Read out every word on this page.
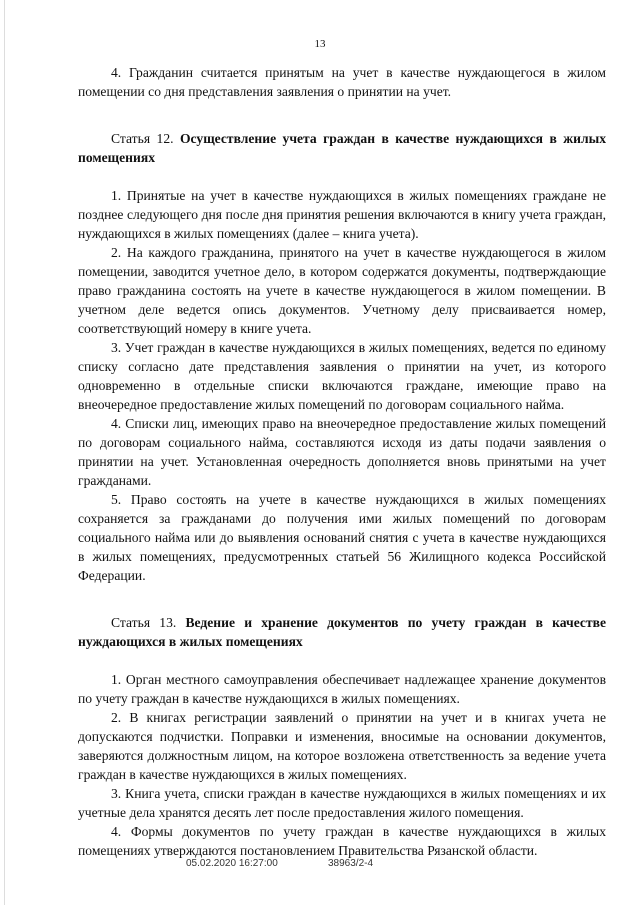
13

4. Гражданин считается принятым на учет в качестве нуждающегося в жилом помещении со дня представления заявления о принятии на учет.

Статья 12. Осуществление учета граждан в качестве нуждающихся в жилых помещениях

1. Принятые на учет в качестве нуждающихся в жилых помещениях граждане не позднее следующего дня после дня принятия решения включаются в книгу учета граждан, нуждающихся в жилых помещениях (далее – книга учета).

2. На каждого гражданина, принятого на учет в качестве нуждающегося в жилом помещении, заводится учетное дело, в котором содержатся документы, подтверждающие право гражданина состоять на учете в качестве нуждающегося в жилом помещении. В учетном деле ведется опись документов. Учетному делу присваивается номер, соответствующий номеру в книге учета.

3. Учет граждан в качестве нуждающихся в жилых помещениях, ведется по единому списку согласно дате представления заявления о принятии на учет, из которого одновременно в отдельные списки включаются граждане, имеющие право на внеочередное предоставление жилых помещений по договорам социального найма.

4. Списки лиц, имеющих право на внеочередное предоставление жилых помещений по договорам социального найма, составляются исходя из даты подачи заявления о принятии на учет. Установленная очередность дополняется вновь принятыми на учет гражданами.

5. Право состоять на учете в качестве нуждающихся в жилых помещениях сохраняется за гражданами до получения ими жилых помещений по договорам социального найма или до выявления оснований снятия с учета в качестве нуждающихся в жилых помещениях, предусмотренных статьей 56 Жилищного кодекса Российской Федерации.

Статья 13. Ведение и хранение документов по учету граждан в качестве нуждающихся в жилых помещениях

1. Орган местного самоуправления обеспечивает надлежащее хранение документов по учету граждан в качестве нуждающихся в жилых помещениях.

2. В книгах регистрации заявлений о принятии на учет и в книгах учета не допускаются подчистки. Поправки и изменения, вносимые на основании документов, заверяются должностным лицом, на которое возложена ответственность за ведение учета граждан в качестве нуждающихся в жилых помещениях.

3. Книга учета, списки граждан в качестве нуждающихся в жилых помещениях и их учетные дела хранятся десять лет после предоставления жилого помещения.

4. Формы документов по учету граждан в качестве нуждающихся в жилых помещениях утверждаются постановлением Правительства Рязанской области.

05.02.2020 16:27:00	38963/2-4
